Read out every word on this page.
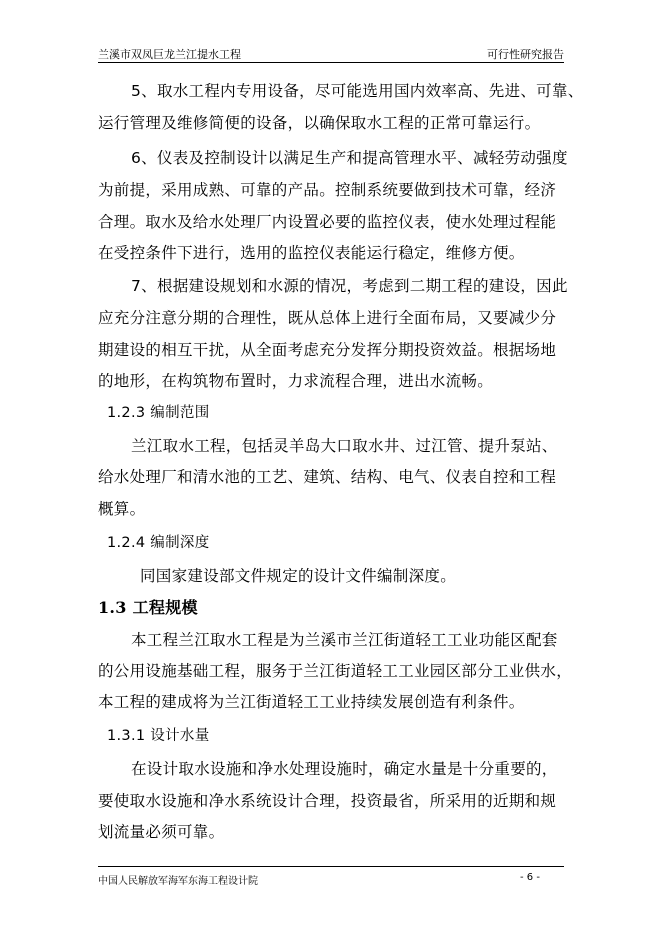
兰溪市双凤巨龙兰江提水工程	可行性研究报告
5、取水工程内专用设备，尽可能选用国内效率高、先进、可靠、
运行管理及维修简便的设备，以确保取水工程的正常可靠运行。
6、仪表及控制设计以满足生产和提高管理水平、减轻劳动强度
为前提，采用成熟、可靠的产品。控制系统要做到技术可靠，经济
合理。取水及给水处理厂内设置必要的监控仪表，使水处理过程能
在受控条件下进行，选用的监控仪表能运行稳定，维修方便。
7、根据建设规划和水源的情况，考虑到二期工程的建设，因此
应充分注意分期的合理性，既从总体上进行全面布局，又要减少分
期建设的相互干扰，从全面考虑充分发挥分期投资效益。根据场地
的地形，在构筑物布置时，力求流程合理，进出水流畅。
1.2.3 编制范围
兰江取水工程，包括灵羊岛大口取水井、过江管、提升泵站、
给水处理厂和清水池的工艺、建筑、结构、电气、仪表自控和工程
概算。
1.2.4 编制深度
同国家建设部文件规定的设计文件编制深度。
1.3 工程规模
本工程兰江取水工程是为兰溪市兰江街道轻工工业功能区配套
的公用设施基础工程，服务于兰江街道轻工工业园区部分工业供水，
本工程的建成将为兰江街道轻工工业持续发展创造有利条件。
1.3.1 设计水量
在设计取水设施和净水处理设施时，确定水量是十分重要的，
要使取水设施和净水系统设计合理，投资最省，所采用的近期和规
划流量必须可靠。
中国人民解放军海军东海工程设计院	- 6 -
